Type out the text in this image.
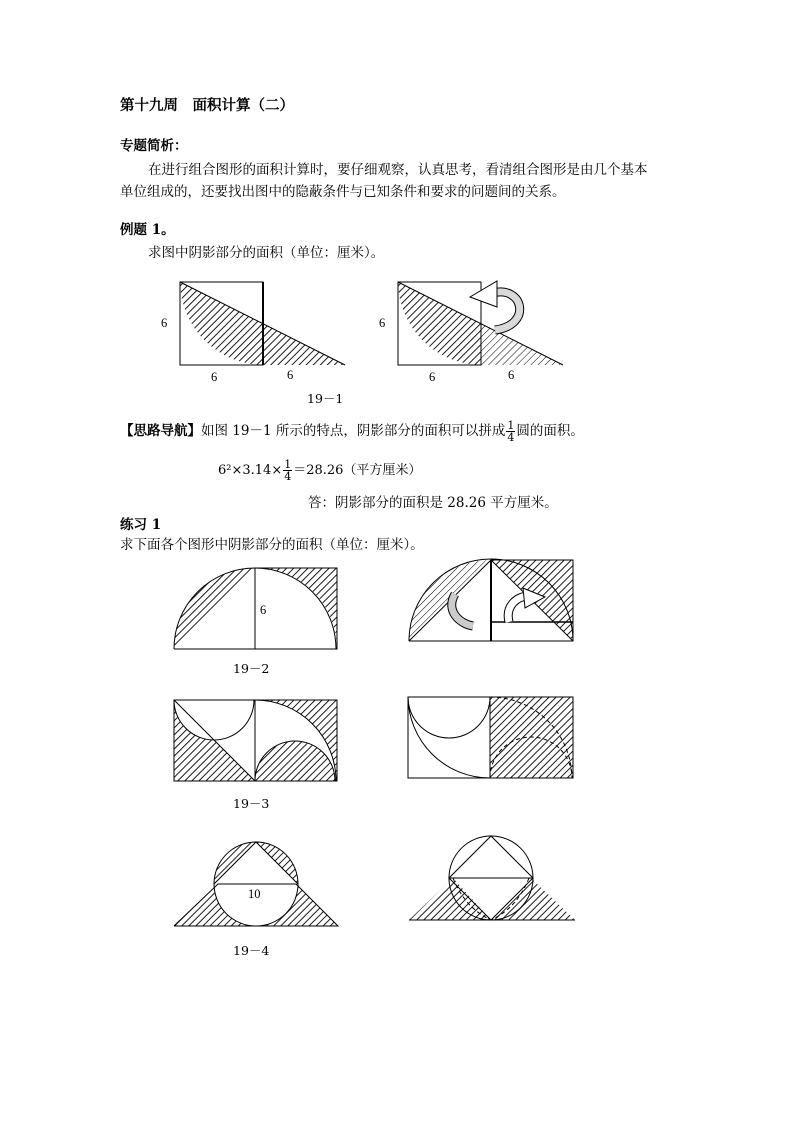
第十九周　面积计算（二）
专题简析：
在进行组合图形的面积计算时，要仔细观察，认真思考，看清组合图形是由几个基本
单位组成的，还要找出图中的隐蔽条件与已知条件和要求的问题间的关系。
例题 1。
求图中阴影部分的面积（单位：厘米）。
6
6	6
6
6	6
19－1
【思路导航】如图 19－1 所示的特点，阴影部分的面积可以拼成 $\frac{1}{4}$ 圆的面积。
$6^2\times 3.14\times \frac{1}{4} =28.26$（平方厘米）
答：阴影部分的面积是 28.26 平方厘米。
练习 1
求下面各个图形中阴影部分的面积（单位：厘米）。
6
19－2
19－3
10
19－4
